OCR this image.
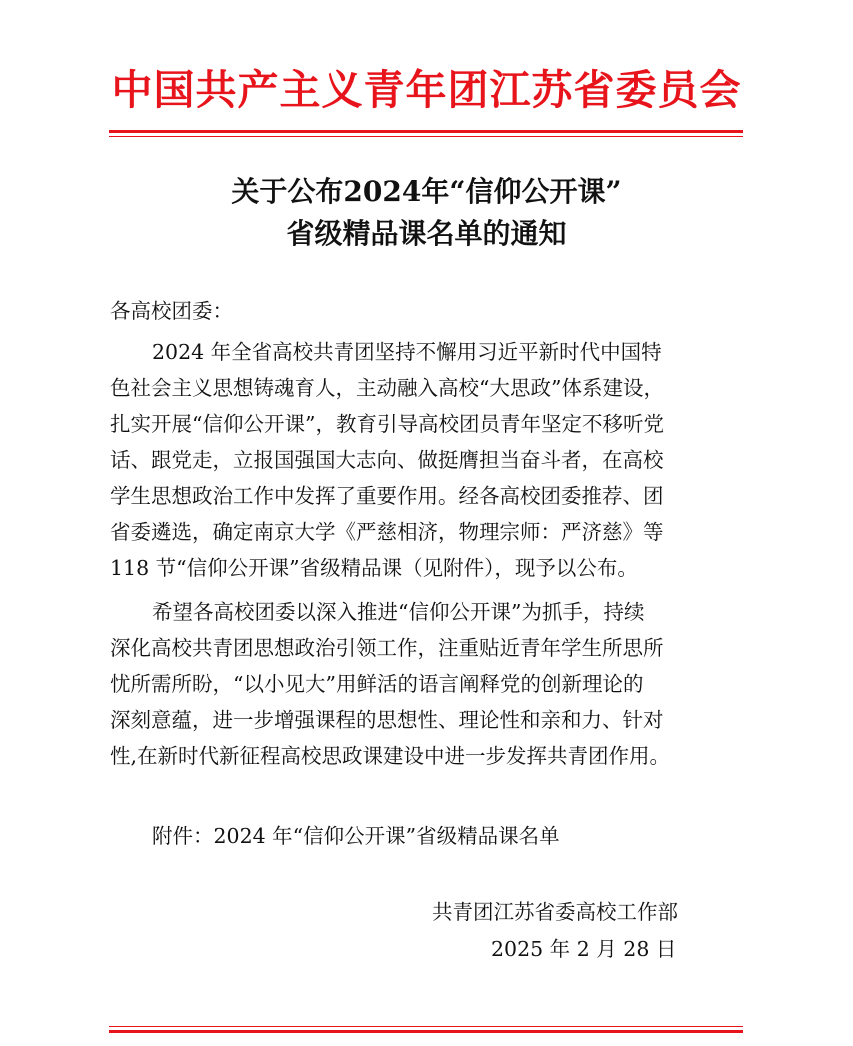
中国共产主义青年团江苏省委员会
关于公布2024年“信仰公开课”
省级精品课名单的通知
各高校团委：
2024 年全省高校共青团坚持不懈用习近平新时代中国特
色社会主义思想铸魂育人，主动融入高校“大思政”体系建设，
扎实开展“信仰公开课”，教育引导高校团员青年坚定不移听党
话、跟党走，立报国强国大志向、做挺膺担当奋斗者，在高校
学生思想政治工作中发挥了重要作用。经各高校团委推荐、团
省委遴选，确定南京大学《严慈相济，物理宗师：严济慈》等
118 节“信仰公开课”省级精品课（见附件），现予以公布。
希望各高校团委以深入推进“信仰公开课”为抓手，持续
深化高校共青团思想政治引领工作，注重贴近青年学生所思所
忧所需所盼，“以小见大”用鲜活的语言阐释党的创新理论的
深刻意蕴，进一步增强课程的思想性、理论性和亲和力、针对
性,在新时代新征程高校思政课建设中进一步发挥共青团作用。
附件：2024 年“信仰公开课”省级精品课名单
共青团江苏省委高校工作部
2025 年 2 月 28 日
